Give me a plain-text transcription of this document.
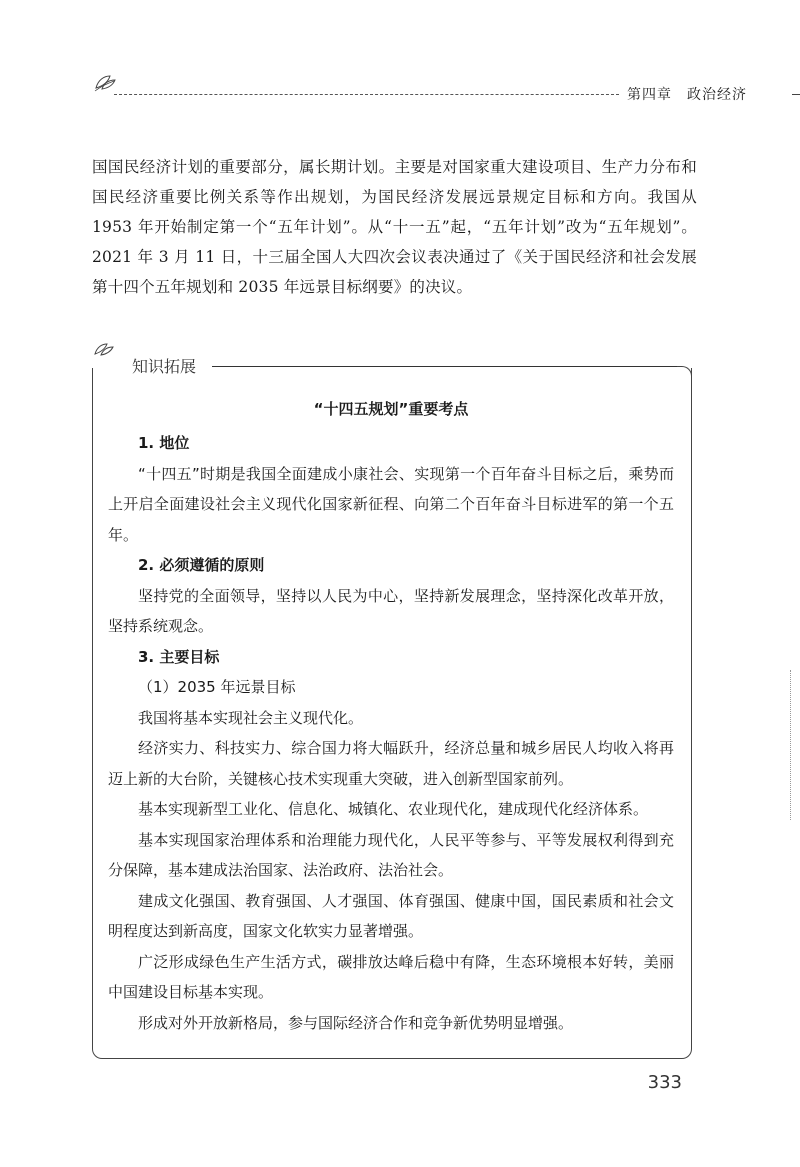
第四章　政治经济
国国民经济计划的重要部分，属长期计划。主要是对国家重大建设项目、生产力分布和国民经济重要比例关系等作出规划，为国民经济发展远景规定目标和方向。我国从1953 年开始制定第一个“五年计划”。从“十一五”起，“五年计划”改为“五年规划”。2021 年 3 月 11 日，十三届全国人大四次会议表决通过了《关于国民经济和社会发展第十四个五年规划和 2035 年远景目标纲要》的决议。
知识拓展
“十四五规划”重要考点

1. 地位

“十四五”时期是我国全面建成小康社会、实现第一个百年奋斗目标之后，乘势而上开启全面建设社会主义现代化国家新征程、向第二个百年奋斗目标进军的第一个五年。

2. 必须遵循的原则

坚持党的全面领导，坚持以人民为中心，坚持新发展理念，坚持深化改革开放，坚持系统观念。

3. 主要目标

（1）2035 年远景目标

我国将基本实现社会主义现代化。

经济实力、科技实力、综合国力将大幅跃升，经济总量和城乡居民人均收入将再迈上新的大台阶，关键核心技术实现重大突破，进入创新型国家前列。

基本实现新型工业化、信息化、城镇化、农业现代化，建成现代化经济体系。

基本实现国家治理体系和治理能力现代化，人民平等参与、平等发展权利得到充分保障，基本建成法治国家、法治政府、法治社会。

建成文化强国、教育强国、人才强国、体育强国、健康中国，国民素质和社会文明程度达到新高度，国家文化软实力显著增强。

广泛形成绿色生产生活方式，碳排放达峰后稳中有降，生态环境根本好转，美丽中国建设目标基本实现。

形成对外开放新格局，参与国际经济合作和竞争新优势明显增强。

333
